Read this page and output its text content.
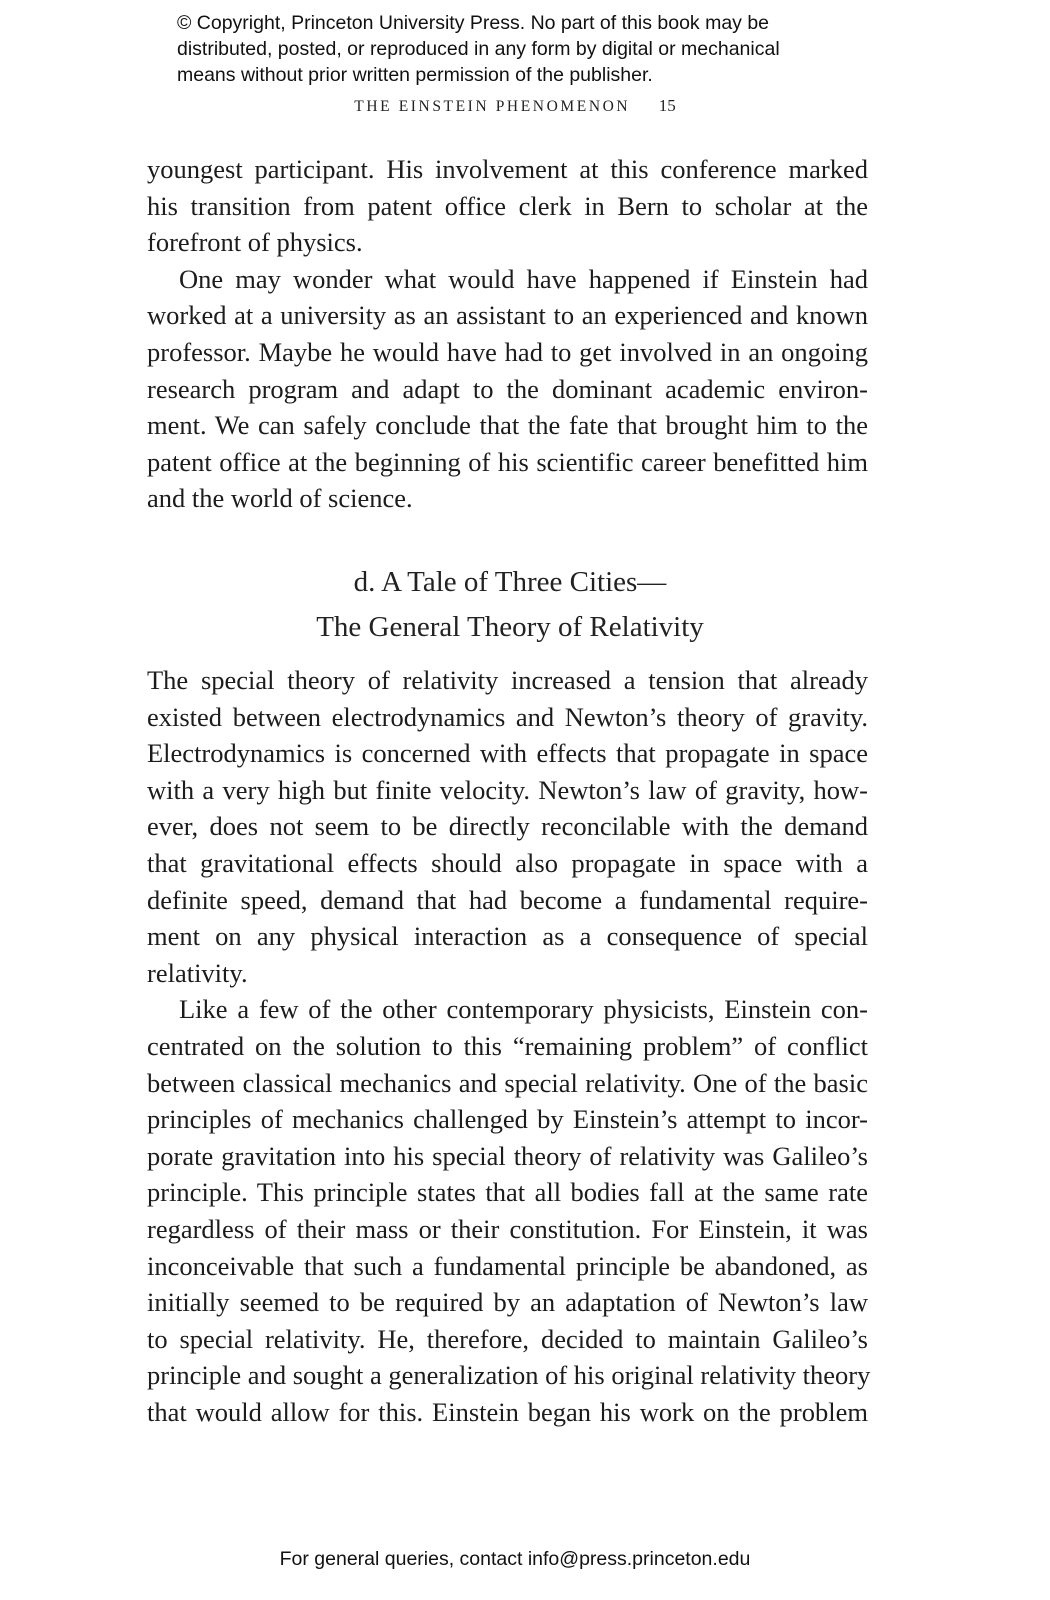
© Copyright, Princeton University Press. No part of this book may be
distributed, posted, or reproduced in any form by digital or mechanical
means without prior written permission of the publisher.
THE EINSTEIN PHENOMENON 15
youngest participant. His involvement at this conference marked
his transition from patent office clerk in Bern to scholar at the
forefront of physics.
One may wonder what would have happened if Einstein had
worked at a university as an assistant to an experienced and known
professor. Maybe he would have had to get involved in an ongoing
research program and adapt to the dominant academic environ-
ment. We can safely conclude that the fate that brought him to the
patent office at the beginning of his scientific career benefitted him
and the world of science.
d. A Tale of Three Cities—
The General Theory of Relativity
The special theory of relativity increased a tension that already
existed between electrodynamics and Newton’s theory of gravity.
Electrodynamics is concerned with effects that propagate in space
with a very high but finite velocity. Newton’s law of gravity, how-
ever, does not seem to be directly reconcilable with the demand
that gravitational effects should also propagate in space with a
definite speed, demand that had become a fundamental require-
ment on any physical interaction as a consequence of special
relativity.
Like a few of the other contemporary physicists, Einstein con-
centrated on the solution to this “remaining problem” of conflict
between classical mechanics and special relativity. One of the basic
principles of mechanics challenged by Einstein’s attempt to incor-
porate gravitation into his special theory of relativity was Galileo’s
principle. This principle states that all bodies fall at the same rate
regardless of their mass or their constitution. For Einstein, it was
inconceivable that such a fundamental principle be abandoned, as
initially seemed to be required by an adaptation of Newton’s law
to special relativity. He, therefore, decided to maintain Galileo’s
principle and sought a generalization of his original relativity theory
that would allow for this. Einstein began his work on the problem
For general queries, contact info@press.princeton.edu
